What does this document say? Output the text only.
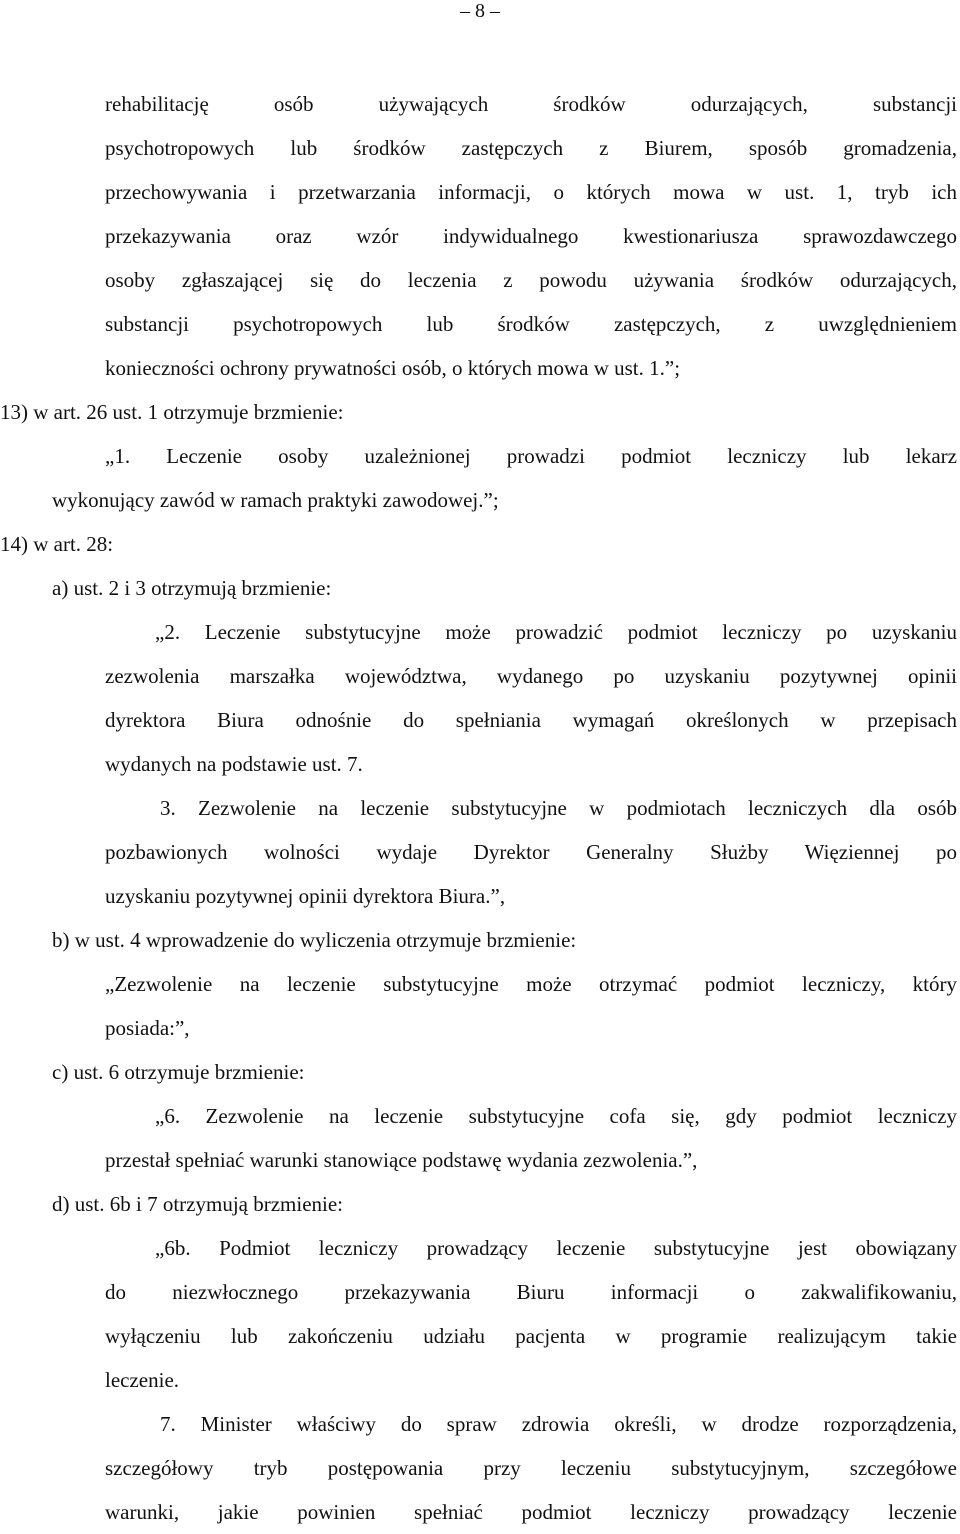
– 8 –
rehabilitację osób używających środków odurzających, substancji
psychotropowych lub środków zastępczych z Biurem, sposób gromadzenia,
przechowywania i przetwarzania informacji, o których mowa w ust. 1, tryb ich
przekazywania oraz wzór indywidualnego kwestionariusza sprawozdawczego
osoby zgłaszającej się do leczenia z powodu używania środków odurzających,
substancji psychotropowych lub środków zastępczych, z uwzględnieniem
konieczności ochrony prywatności osób, o których mowa w ust. 1.”;
13) w art. 26 ust. 1 otrzymuje brzmienie:
„1. Leczenie osoby uzależnionej prowadzi podmiot leczniczy lub lekarz
wykonujący zawód w ramach praktyki zawodowej.”;
14) w art. 28:
a) ust. 2 i 3 otrzymują brzmienie:
„2. Leczenie substytucyjne może prowadzić podmiot leczniczy po uzyskaniu
zezwolenia marszałka województwa, wydanego po uzyskaniu pozytywnej opinii
dyrektora Biura odnośnie do spełniania wymagań określonych w przepisach
wydanych na podstawie ust. 7.
3. Zezwolenie na leczenie substytucyjne w podmiotach leczniczych dla osób
pozbawionych wolności wydaje Dyrektor Generalny Służby Więziennej po
uzyskaniu pozytywnej opinii dyrektora Biura.”,
b) w ust. 4 wprowadzenie do wyliczenia otrzymuje brzmienie:
„Zezwolenie na leczenie substytucyjne może otrzymać podmiot leczniczy, który
posiada:”,
c) ust. 6 otrzymuje brzmienie:
„6. Zezwolenie na leczenie substytucyjne cofa się, gdy podmiot leczniczy
przestał spełniać warunki stanowiące podstawę wydania zezwolenia.”,
d) ust. 6b i 7 otrzymują brzmienie:
„6b. Podmiot leczniczy prowadzący leczenie substytucyjne jest obowiązany
do niezwłocznego przekazywania Biuru informacji o zakwalifikowaniu,
wyłączeniu lub zakończeniu udziału pacjenta w programie realizującym takie
leczenie.
7. Minister właściwy do spraw zdrowia określi, w drodze rozporządzenia,
szczegółowy tryb postępowania przy leczeniu substytucyjnym, szczegółowe
warunki, jakie powinien spełniać podmiot leczniczy prowadzący leczenie
